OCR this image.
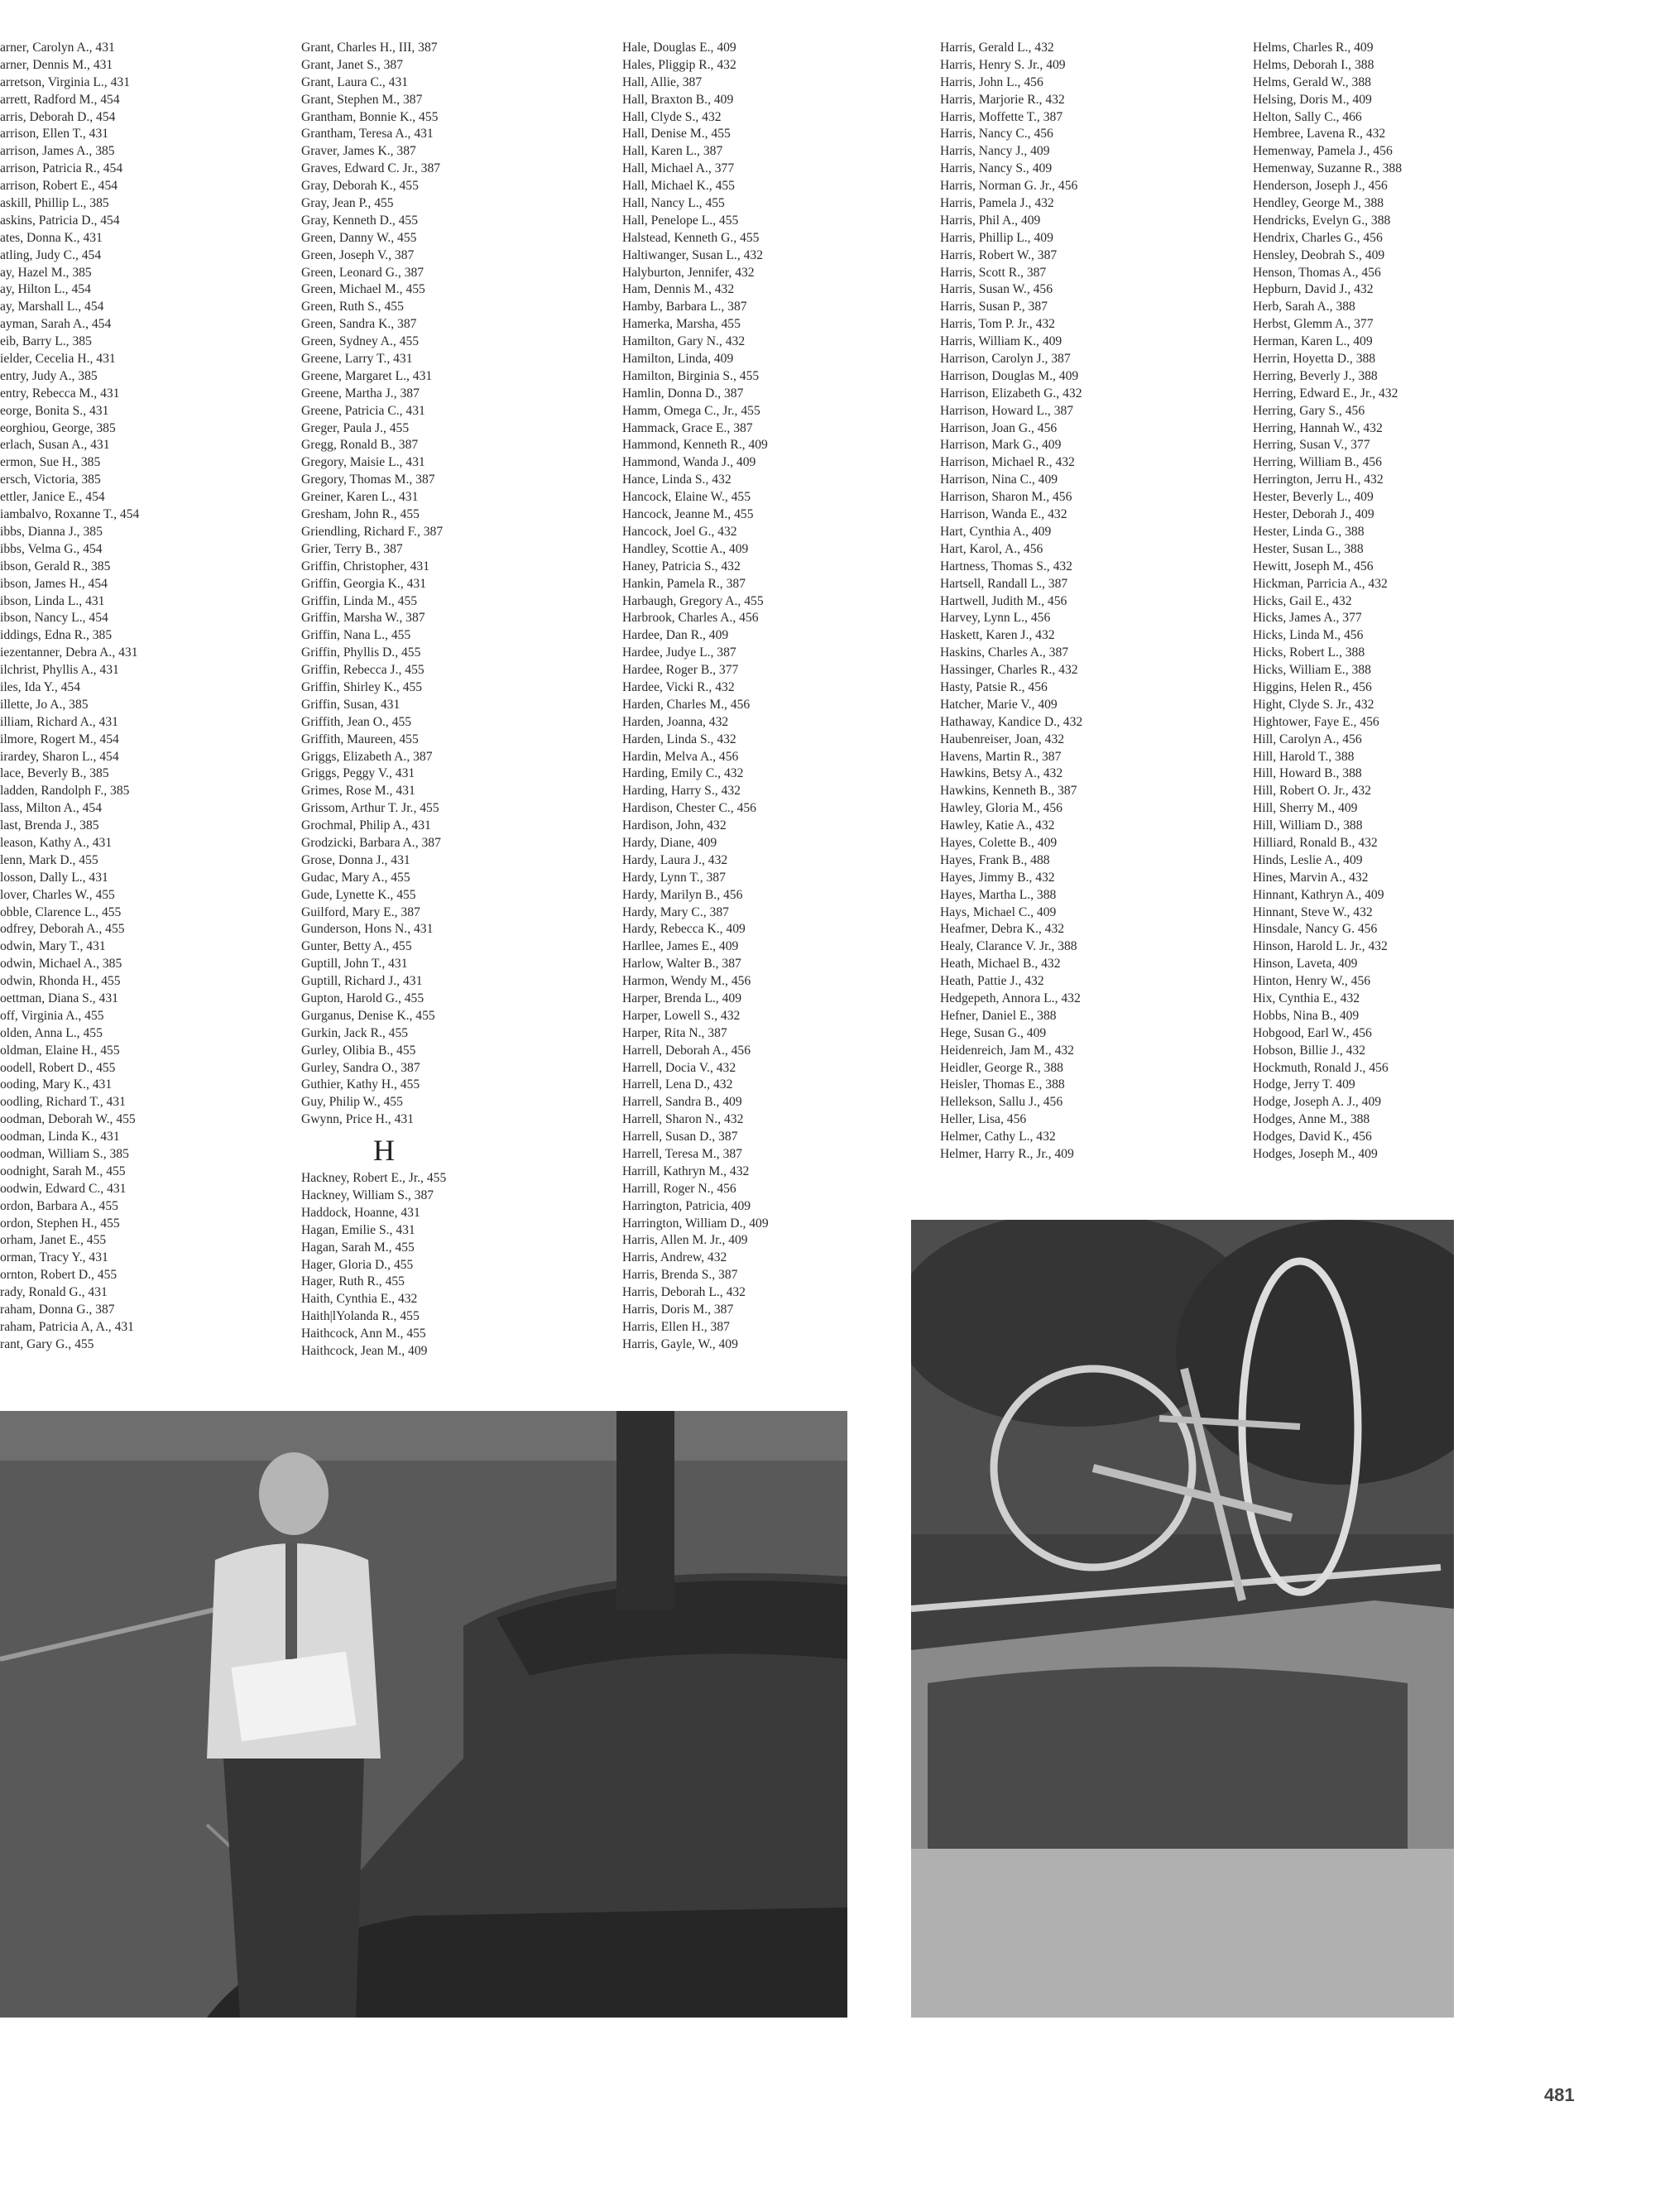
arner, Carolyn A., 431
arner, Dennis M., 431
arretson, Virginia L., 431
arrett, Radford M., 454
arris, Deborah D., 454
arrison, Ellen T., 431
arrison, James A., 385
arrison, Patricia R., 454
arrison, Robert E., 454
askill, Phillip L., 385
askins, Patricia D., 454
ates, Donna K., 431
atling, Judy C., 454
ay, Hazel M., 385
ay, Hilton L., 454
ay, Marshall L., 454
ayman, Sarah A., 454
eib, Barry L., 385
ielder, Cecelia H., 431
entry, Judy A., 385
entry, Rebecca M., 431
eorge, Bonita S., 431
eorghiou, George, 385
erlach, Susan A., 431
ermon, Sue H., 385
ersch, Victoria, 385
ettler, Janice E., 454
iambalvo, Roxanne T., 454
ibbs, Dianna J., 385
ibbs, Velma G., 454
ibson, Gerald R., 385
ibson, James H., 454
ibson, Linda L., 431
ibson, Nancy L., 454
iddings, Edna R., 385
iezentanner, Debra A., 431
ilchrist, Phyllis A., 431
iles, Ida Y., 454
illette, Jo A., 385
illiam, Richard A., 431
ilmore, Rogert M., 454
irardey, Sharon L., 454
lace, Beverly B., 385
ladden, Randolph F., 385
lass, Milton A., 454
last, Brenda J., 385
leason, Kathy A., 431
lenn, Mark D., 455
losson, Dally L., 431
lover, Charles W., 455
obble, Clarence L., 455
odfrey, Deborah A., 455
odwin, Mary T., 431
odwin, Michael A., 385
odwin, Rhonda H., 455
oettman, Diana S., 431
off, Virginia A., 455
olden, Anna L., 455
oldman, Elaine H., 455
oodell, Robert D., 455
ooding, Mary K., 431
oodling, Richard T., 431
oodman, Deborah W., 455
oodman, Linda K., 431
oodman, William S., 385
oodnight, Sarah M., 455
oodwin, Edward C., 431
ordon, Barbara A., 455
ordon, Stephen H., 455
orham, Janet E., 455
orman, Tracy Y., 431
ornton, Robert D., 455
rady, Ronald G., 431
raham, Donna G., 387
raham, Patricia A, A., 431
rant, Gary G., 455
Grant, Charles H., III, 387
Grant, Janet S., 387
Grant, Laura C., 431
Grant, Stephen M., 387
Grantham, Bonnie K., 455
Grantham, Teresa A., 431
Graver, James K., 387
Graves, Edward C. Jr., 387
Gray, Deborah K., 455
Gray, Jean P., 455
Gray, Kenneth D., 455
Green, Danny W., 455
Green, Joseph V., 387
Green, Leonard G., 387
Green, Michael M., 455
Green, Ruth S., 455
Green, Sandra K., 387
Green, Sydney A., 455
Greene, Larry T., 431
Greene, Margaret L., 431
Greene, Martha J., 387
Greene, Patricia C., 431
Greger, Paula J., 455
Gregg, Ronald B., 387
Gregory, Maisie L., 431
Gregory, Thomas M., 387
Greiner, Karen L., 431
Gresham, John R., 455
Griendling, Richard F., 387
Grier, Terry B., 387
Griffin, Christopher, 431
Griffin, Georgia K., 431
Griffin, Linda M., 455
Griffin, Marsha W., 387
Griffin, Nana L., 455
Griffin, Phyllis D., 455
Griffin, Rebecca J., 455
Griffin, Shirley K., 455
Griffin, Susan, 431
Griffith, Jean O., 455
Griffith, Maureen, 455
Griggs, Elizabeth A., 387
Griggs, Peggy V., 431
Grimes, Rose M., 431
Grissom, Arthur T. Jr., 455
Grochmal, Philip A., 431
Grodzicki, Barbara A., 387
Grose, Donna J., 431
Gudac, Mary A., 455
Gude, Lynette K., 455
Guilford, Mary E., 387
Gunderson, Hons N., 431
Gunter, Betty A., 455
Guptill, John T., 431
Guptill, Richard J., 431
Gupton, Harold G., 455
Gurganus, Denise K., 455
Gurkin, Jack R., 455
Gurley, Olibia B., 455
Gurley, Sandra O., 387
Guthier, Kathy H., 455
Guy, Philip W., 455
Gwynn, Price H., 431
H
Hackney, Robert E., Jr., 455
Hackney, William S., 387
Haddock, Hoanne, 431
Hagan, Emilie S., 431
Hagan, Sarah M., 455
Hager, Gloria D., 455
Hager, Ruth R., 455
Haith, Cynthia E., 432
Haith|lYolanda R., 455
Haithcock, Ann M., 455
Haithcock, Jean M., 409
Hale, Douglas E., 409
Hales, Pliggip R., 432
Hall, Allie, 387
Hall, Braxton B., 409
Hall, Clyde S., 432
Hall, Denise M., 455
Hall, Karen L., 387
Hall, Michael A., 377
Hall, Michael K., 455
Hall, Nancy L., 455
Hall, Penelope L., 455
Halstead, Kenneth G., 455
Haltiwanger, Susan L., 432
Halyburton, Jennifer, 432
Ham, Dennis M., 432
Hamby, Barbara L., 387
Hamerka, Marsha, 455
Hamilton, Gary N., 432
Hamilton, Linda, 409
Hamilton, Birginia S., 455
Hamlin, Donna D., 387
Hamm, Omega C., Jr., 455
Hammack, Grace E., 387
Hammond, Kenneth R., 409
Hammond, Wanda J., 409
Hance, Linda S., 432
Hancock, Elaine W., 455
Hancock, Jeanne M., 455
Hancock, Joel G., 432
Handley, Scottie A., 409
Haney, Patricia S., 432
Hankin, Pamela R., 387
Harbaugh, Gregory A., 455
Harbrook, Charles A., 456
Hardee, Dan R., 409
Hardee, Judye L., 387
Hardee, Roger B., 377
Hardee, Vicki R., 432
Harden, Charles M., 456
Harden, Joanna, 432
Harden, Linda S., 432
Hardin, Melva A., 456
Harding, Emily C., 432
Harding, Harry S., 432
Hardison, Chester C., 456
Hardison, John, 432
Hardy, Diane, 409
Hardy, Laura J., 432
Hardy, Lynn T., 387
Hardy, Marilyn B., 456
Hardy, Mary C., 387
Hardy, Rebecca K., 409
Harllee, James E., 409
Harlow, Walter B., 387
Harmon, Wendy M., 456
Harper, Brenda L., 409
Harper, Lowell S., 432
Harper, Rita N., 387
Harrell, Deborah A., 456
Harrell, Docia V., 432
Harrell, Lena D., 432
Harrell, Sandra B., 409
Harrell, Sharon N., 432
Harrell, Susan D., 387
Harrell, Teresa M., 387
Harrill, Kathryn M., 432
Harrill, Roger N., 456
Harrington, Patricia, 409
Harrington, William D., 409
Harris, Allen M. Jr., 409
Harris, Andrew, 432
Harris, Brenda S., 387
Harris, Deborah L., 432
Harris, Doris M., 387
Harris, Ellen H., 387
Harris, Gayle, W., 409
Harris, Gerald L., 432
Harris, Henry S. Jr., 409
Harris, John L., 456
Harris, Marjorie R., 432
Harris, Moffette T., 387
Harris, Nancy C., 456
Harris, Nancy J., 409
Harris, Nancy S., 409
Harris, Norman G. Jr., 456
Harris, Pamela J., 432
Harris, Phil A., 409
Harris, Phillip L., 409
Harris, Robert W., 387
Harris, Scott R., 387
Harris, Susan W., 456
Harris, Susan P., 387
Harris, Tom P. Jr., 432
Harris, William K., 409
Harrison, Carolyn J., 387
Harrison, Douglas M., 409
Harrison, Elizabeth G., 432
Harrison, Howard L., 387
Harrison, Joan G., 456
Harrison, Mark G., 409
Harrison, Michael R., 432
Harrison, Nina C., 409
Harrison, Sharon M., 456
Harrison, Wanda E., 432
Hart, Cynthia A., 409
Hart, Karol, A., 456
Hartness, Thomas S., 432
Hartsell, Randall L., 387
Hartwell, Judith M., 456
Harvey, Lynn L., 456
Haskett, Karen J., 432
Haskins, Charles A., 387
Hassinger, Charles R., 432
Hasty, Patsie R., 456
Hatcher, Marie V., 409
Hathaway, Kandice D., 432
Haubenreiser, Joan, 432
Havens, Martin R., 387
Hawkins, Betsy A., 432
Hawkins, Kenneth B., 387
Hawley, Gloria M., 456
Hawley, Katie A., 432
Hayes, Colette B., 409
Hayes, Frank B., 488
Hayes, Jimmy B., 432
Hayes, Martha L., 388
Hays, Michael C., 409
Heafmer, Debra K., 432
Healy, Clarance V. Jr., 388
Heath, Michael B., 432
Heath, Pattie J., 432
Hedgepeth, Annora L., 432
Hefner, Daniel E., 388
Hege, Susan G., 409
Heidenreich, Jam M., 432
Heidler, George R., 388
Heisler, Thomas E., 388
Hellekson, Sallu J., 456
Heller, Lisa, 456
Helmer, Cathy L., 432
Helmer, Harry R., Jr., 409
Helms, Charles R., 409
Helms, Deborah I., 388
Helms, Gerald W., 388
Helsing, Doris M., 409
Helton, Sally C., 466
Hembree, Lavena R., 432
Hemenway, Pamela J., 456
Hemenway, Suzanne R., 388
Henderson, Joseph J., 456
Hendley, George M., 388
Hendricks, Evelyn G., 388
Hendrix, Charles G., 456
Hensley, Deobrah S., 409
Henson, Thomas A., 456
Hepburn, David J., 432
Herb, Sarah A., 388
Herbst, Glemm A., 377
Herman, Karen L., 409
Herrin, Hoyetta D., 388
Herring, Beverly J., 388
Herring, Edward E., Jr., 432
Herring, Gary S., 456
Herring, Hannah W., 432
Herring, Susan V., 377
Herring, William B., 456
Herrington, Jerru H., 432
Hester, Beverly L., 409
Hester, Deborah J., 409
Hester, Linda G., 388
Hester, Susan L., 388
Hewitt, Joseph M., 456
Hickman, Parricia A., 432
Hicks, Gail E., 432
Hicks, James A., 377
Hicks, Linda M., 456
Hicks, Robert L., 388
Hicks, William E., 388
Higgins, Helen R., 456
Hight, Clyde S. Jr., 432
Hightower, Faye E., 456
Hill, Carolyn A., 456
Hill, Harold T., 388
Hill, Howard B., 388
Hill, Robert O. Jr., 432
Hill, Sherry M., 409
Hill, William D., 388
Hilliard, Ronald B., 432
Hinds, Leslie A., 409
Hines, Marvin A., 432
Hinnant, Kathryn A., 409
Hinnant, Steve W., 432
Hinsdale, Nancy G. 456
Hinson, Harold L. Jr., 432
Hinson, Laveta, 409
Hinton, Henry W., 456
Hix, Cynthia E., 432
Hobbs, Nina B., 409
Hobgood, Earl W., 456
Hobson, Billie J., 432
Hockmuth, Ronald J., 456
Hodge, Jerry T. 409
Hodge, Joseph A. J., 409
Hodges, Anne M., 388
Hodges, David K., 456
Hodges, Joseph M., 409
481
